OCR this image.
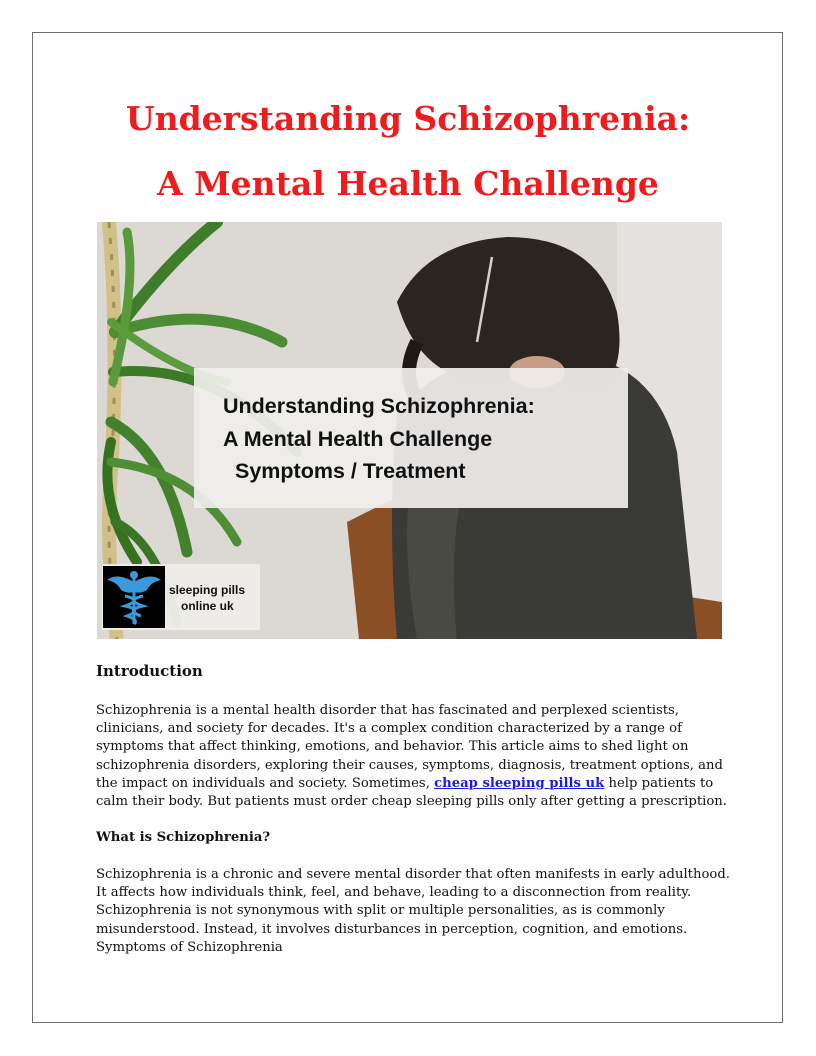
Understanding Schizophrenia:
A Mental Health Challenge
Understanding Schizophrenia:
A Mental Health Challenge
Symptoms / Treatment
sleeping pills
online uk
Introduction
Schizophrenia is a mental health disorder that has fascinated and perplexed scientists,
clinicians, and society for decades. It's a complex condition characterized by a range of
symptoms that affect thinking, emotions, and behavior. This article aims to shed light on
schizophrenia disorders, exploring their causes, symptoms, diagnosis, treatment options, and
the impact on individuals and society. Sometimes, cheap sleeping pills uk help patients to
calm their body. But patients must order cheap sleeping pills only after getting a prescription.
What is Schizophrenia?
Schizophrenia is a chronic and severe mental disorder that often manifests in early adulthood.
It affects how individuals think, feel, and behave, leading to a disconnection from reality.
Schizophrenia is not synonymous with split or multiple personalities, as is commonly
misunderstood. Instead, it involves disturbances in perception, cognition, and emotions.
Symptoms of Schizophrenia
